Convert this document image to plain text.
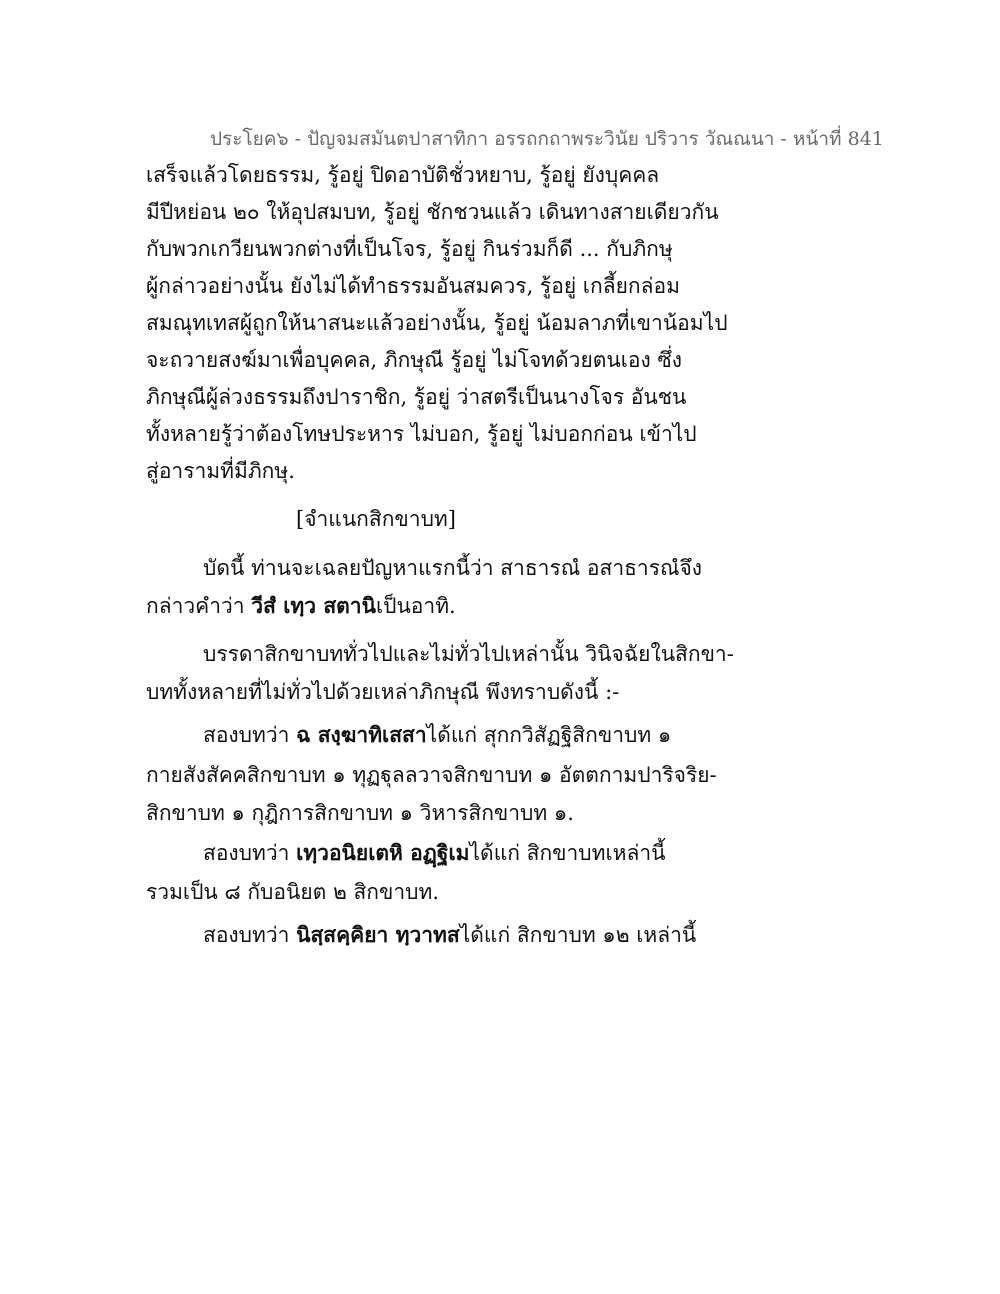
ประโยค๖ - ปัญจมสมันตปาสาทิกา อรรถกถาพระวินัย ปริวาร วัณณนา - หน้าที่ 841
เสร็จแล้วโดยธรรม, รู้อยู่ ปิดอาบัติชั่วหยาบ, รู้อยู่ ยังบุคคล
มีปีหย่อน ๒๐ ให้อุปสมบท, รู้อยู่ ชักชวนแล้ว เดินทางสายเดียวกัน
กับพวกเกวียนพวกต่างที่เป็นโจร, รู้อยู่ กินร่วมก็ดี ... กับภิกษุ
ผู้กล่าวอย่างนั้น ยังไม่ได้ทำธรรมอันสมควร, รู้อยู่ เกลี้ยกล่อม
สมณุทเทสผู้ถูกให้นาสนะแล้วอย่างนั้น, รู้อยู่ น้อมลาภที่เขาน้อมไป
จะถวายสงฆ์มาเพื่อบุคคล, ภิกษุณี รู้อยู่ ไม่โจทด้วยตนเอง ซึ่ง
ภิกษุณีผู้ล่วงธรรมถึงปาราชิก, รู้อยู่ ว่าสตรีเป็นนางโจร อันชน
ทั้งหลายรู้ว่าต้องโทษประหาร ไม่บอก, รู้อยู่ ไม่บอกก่อน เข้าไป
สู่อารามที่มีภิกษุ.
[จำแนกสิกขาบท]
บัดนี้ ท่านจะเฉลยปัญหาแรกนี้ว่า สาธารณํ อสาธารณํจึง
กล่าวคำว่า วีสํ เทฺว สตานิเป็นอาทิ.
บรรดาสิกขาบททั่วไปและไม่ทั่วไปเหล่านั้น วินิจฉัยในสิกขา-
บททั้งหลายที่ไม่ทั่วไปด้วยเหล่าภิกษุณี พึงทราบดังนี้ :-
สองบทว่า ฉ สงฺฆาทิเสสาได้แก่ สุกกวิสัฏฐิสิกขาบท ๑
กายสังสัคคสิกขาบท ๑ ทุฏฐุลลวาจสิกขาบท ๑ อัตตกามปาริจริย-
สิกขาบท ๑ กุฎิการสิกขาบท ๑ วิหารสิกขาบท ๑.
สองบทว่า เทฺวอนิยเตหิ อฏฺฐิเมได้แก่ สิกขาบทเหล่านี้
รวมเป็น ๘ กับอนิยต ๒ สิกขาบท.
สองบทว่า นิสฺสคฺคิยา ทฺวาทสได้แก่ สิกขาบท ๑๒ เหล่านี้
